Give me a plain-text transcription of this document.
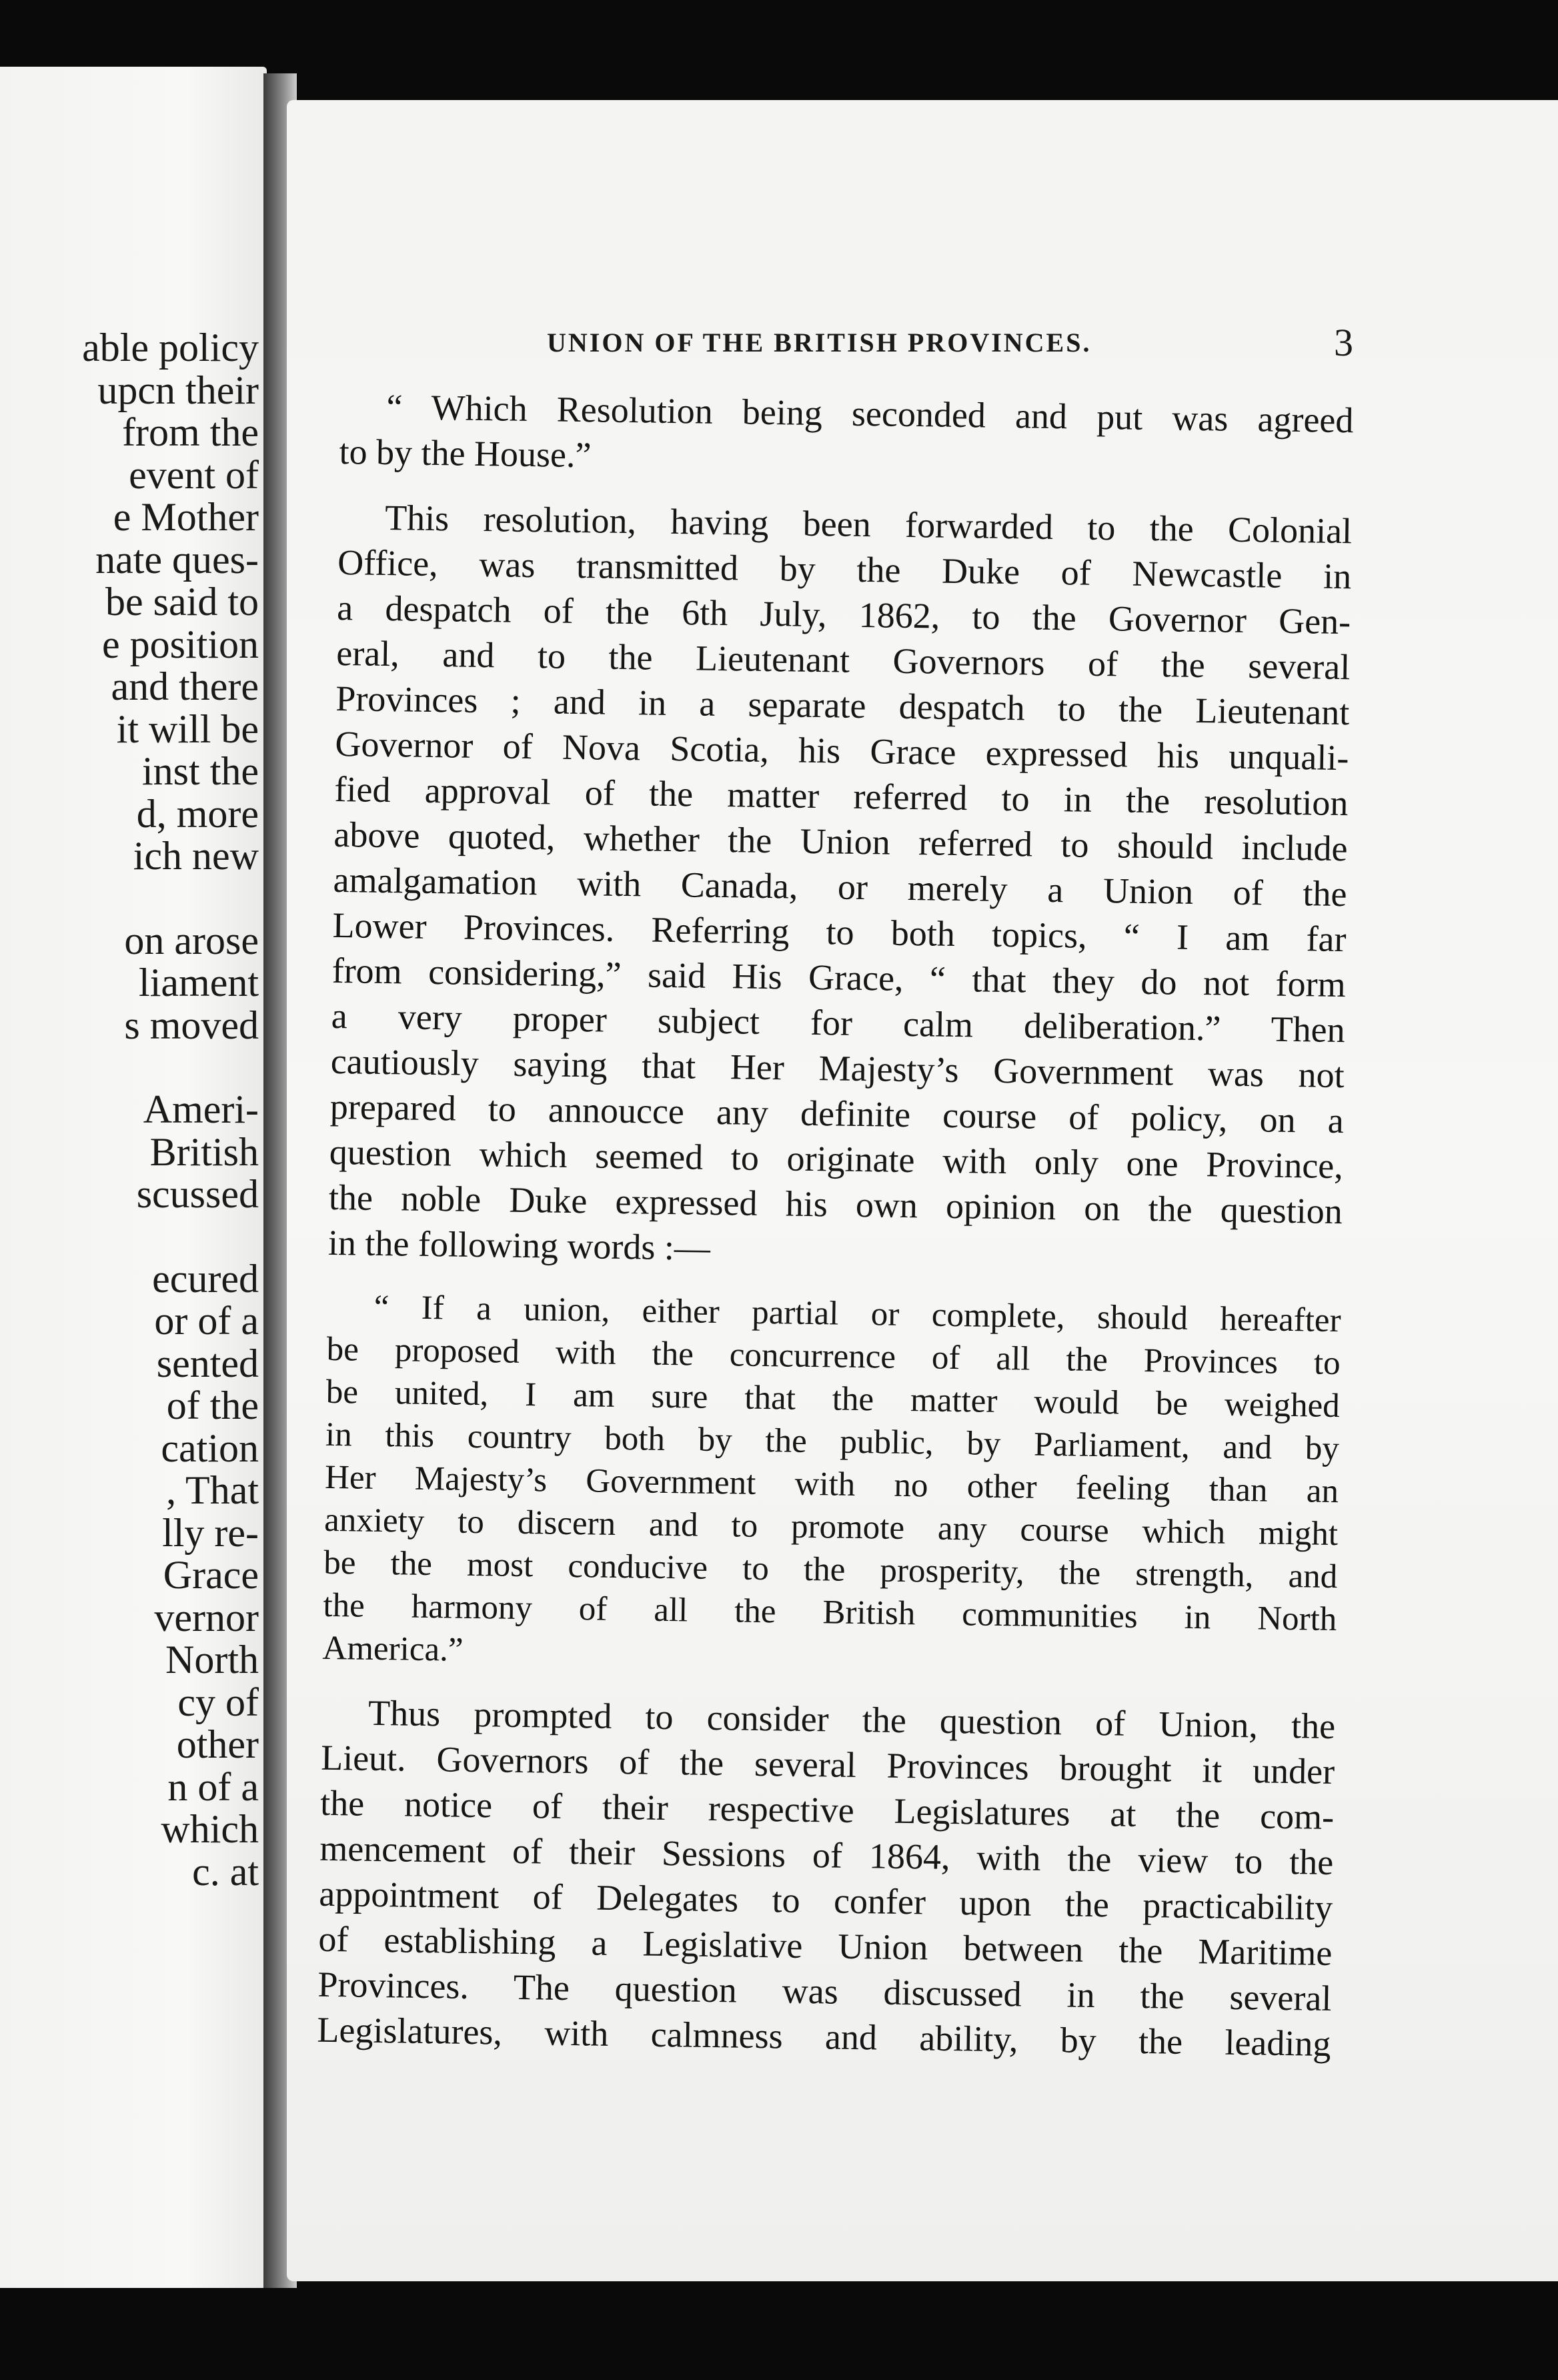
able policy
upcn their
from the
event of
e Mother
nate ques-
be said to
e position
and there
it will be
inst the
d, more
ich new
on arose
liament
s moved
Ameri-
British
scussed
ecured
or of a
sented
of the
cation
, That
lly re-
Grace
vernor
North
cy of
other
n of a
which
c. at
UNION OF THE BRITISH PROVINCES.	3

“ Which Resolution being seconded and put was agreed
to by the House.”

This resolution, having been forwarded to the Colonial
Office, was transmitted by the Duke of Newcastle in
a despatch of the 6th July, 1862, to the Governor Gen-
eral, and to the Lieutenant Governors of the several
Provinces ; and in a separate despatch to the Lieutenant
Governor of Nova Scotia, his Grace expressed his unquali-
fied approval of the matter referred to in the resolution
above quoted, whether the Union referred to should include
amalgamation with Canada, or merely a Union of the
Lower Provinces. Referring to both topics, “ I am far
from considering,” said His Grace, “ that they do not form
a very proper subject for calm deliberation.” Then
cautiously saying that Her Majesty’s Government was not
prepared to annoucce any definite course of policy, on a
question which seemed to originate with only one Province,
the noble Duke expressed his own opinion on the question
in the following words :—

“ If a union, either partial or complete, should hereafter
be proposed with the concurrence of all the Provinces to
be united, I am sure that the matter would be weighed
in this country both by the public, by Parliament, and by
Her Majesty’s Government with no other feeling than an
anxiety to discern and to promote any course which might
be the most conducive to the prosperity, the strength, and
the harmony of all the British communities in North
America.”

Thus prompted to consider the question of Union, the
Lieut. Governors of the several Provinces brought it under
the notice of their respective Legislatures at the com-
mencement of their Sessions of 1864, with the view to the
appointment of Delegates to confer upon the practicability
of establishing a Legislative Union between the Maritime
Provinces. The question was discussed in the several
Legislatures, with calmness and ability, by the leading
